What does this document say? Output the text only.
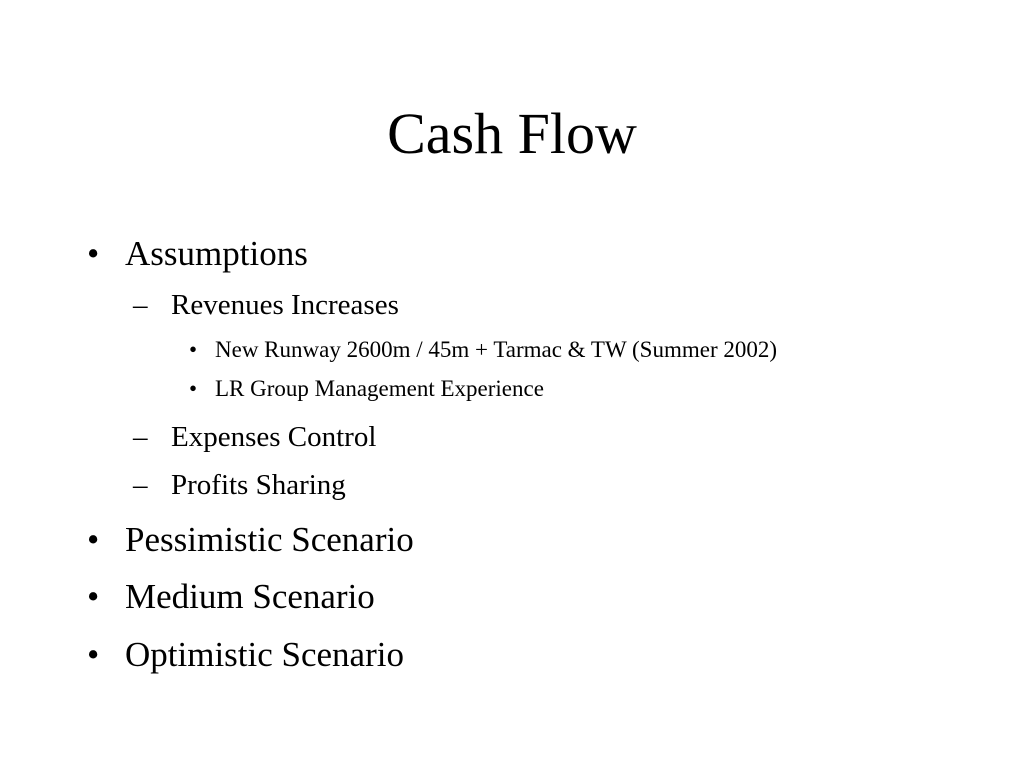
Cash Flow
• Assumptions
– Revenues Increases
• New Runway 2600m / 45m + Tarmac & TW (Summer 2002)
• LR Group Management Experience
– Expenses Control
– Profits Sharing
• Pessimistic Scenario
• Medium Scenario
• Optimistic Scenario
